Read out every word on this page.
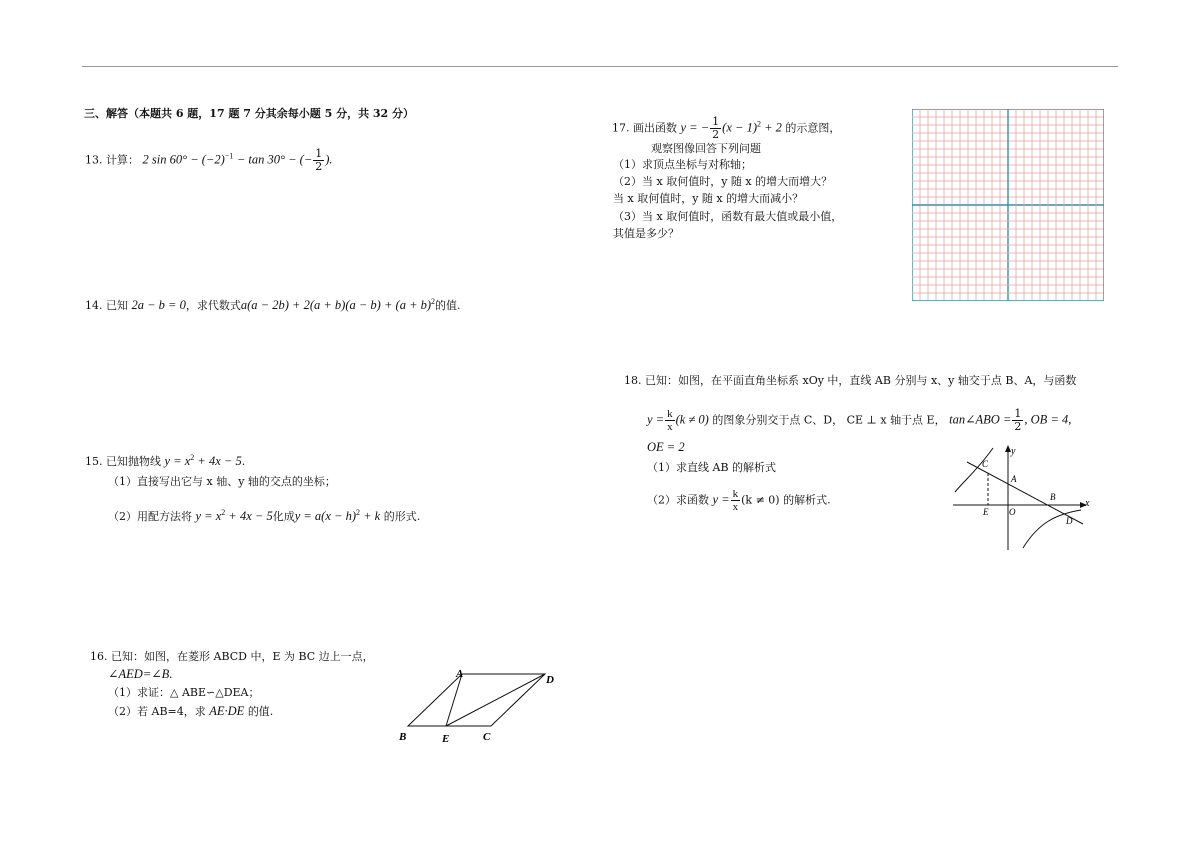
三、解答（本题共 6 题，17 题 7 分其余每小题 5 分，共 32 分）
13. 计算： 2 $\sin 60^\circ - (-2)^{-1} - \tan 30^\circ$ − (− $\frac{1}{2}$ ).
14. 已知 2a − b = 0，求代数式$a(a - 2b) + 2(a + b)(a - b) + (a + b)^2$的值.
15. 已知抛物线 $y = x^2 + 4x - 5$.
（1）直接写出它与 x 轴、y 轴的交点的坐标；
（2）用配方法将 $y = x^2 + 4x - 5$化成$y = a(x - h)^2 + k$ 的形式.
16. 已知：如图，在菱形 ABCD 中，E 为 BC 边上一点，
∠AED=∠B.
（1）求证：△ ABE∽△DEA；
（2）若 AB=4，求 AE·DE 的值.
A	D
B	E	C
17. 画出函数 y = − $\frac{1}{2} (x - 1)^2 + 2$ 的示意图，
观察图像回答下列问题
（1）求顶点坐标与对称轴；
（2）当 x 取何值时，y 随 x 的增大而增大？
当 x 取何值时，y 随 x 的增大而减小？
（3）当 x 取何值时，函数有最大值或最小值，
其值是多少？
18. 已知：如图，在平面直角坐标系 xOy 中，直线 AB 分别与 x、y 轴交于点 B、A，与函数
$y = \frac{k}{x} (k \ne 0)$ 的图象分别交于点 C、D， CE ⊥ x 轴于点 E， tan∠ABO = $\frac{1}{2}$ , OB = 4,
OE = 2
（1）求直线 AB 的解析式
（2）求函数 $y = \frac{k}{x} (k \ne 0)$ 的解析式.
y
x
O
A
B
C
D
E
